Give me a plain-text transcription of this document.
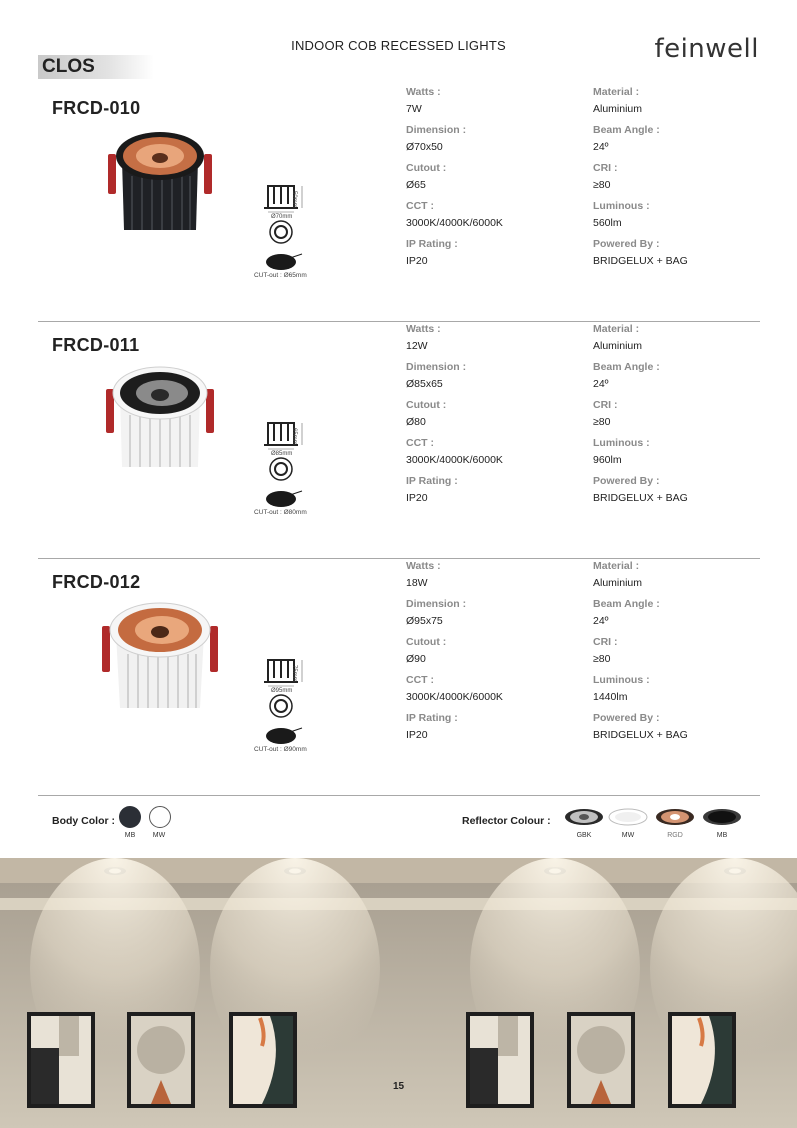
INDOOR COB RECESSED LIGHTS	feinwell
CLOS
FRCD-010
Ø70mm
50mm
CUT-out : Ø65mm
Watts :
7W
Material :
Aluminium
Dimension :
Ø70x50
Beam Angle :
24º
Cutout :
Ø65
CRI :
≥80
CCT :
3000K/4000K/6000K
Luminous :
560lm
IP Rating :
IP20
Powered By :
BRIDGELUX + BAG
FRCD-011
Ø85mm
65mm
CUT-out : Ø80mm
Watts :
12W
Material :
Aluminium
Dimension :
Ø85x65
Beam Angle :
24º
Cutout :
Ø80
CRI :
≥80
CCT :
3000K/4000K/6000K
Luminous :
960lm
IP Rating :
IP20
Powered By :
BRIDGELUX + BAG
FRCD-012
Ø95mm
75mm
CUT-out : Ø90mm
Watts :
18W
Material :
Aluminium
Dimension :
Ø95x75
Beam Angle :
24º
Cutout :
Ø90
CRI :
≥80
CCT :
3000K/4000K/6000K
Luminous :
1440lm
IP Rating :
IP20
Powered By :
BRIDGELUX + BAG
Body Color :
MB	MW
Reflector Colour :
GBK	MW	RGD	MB
15
